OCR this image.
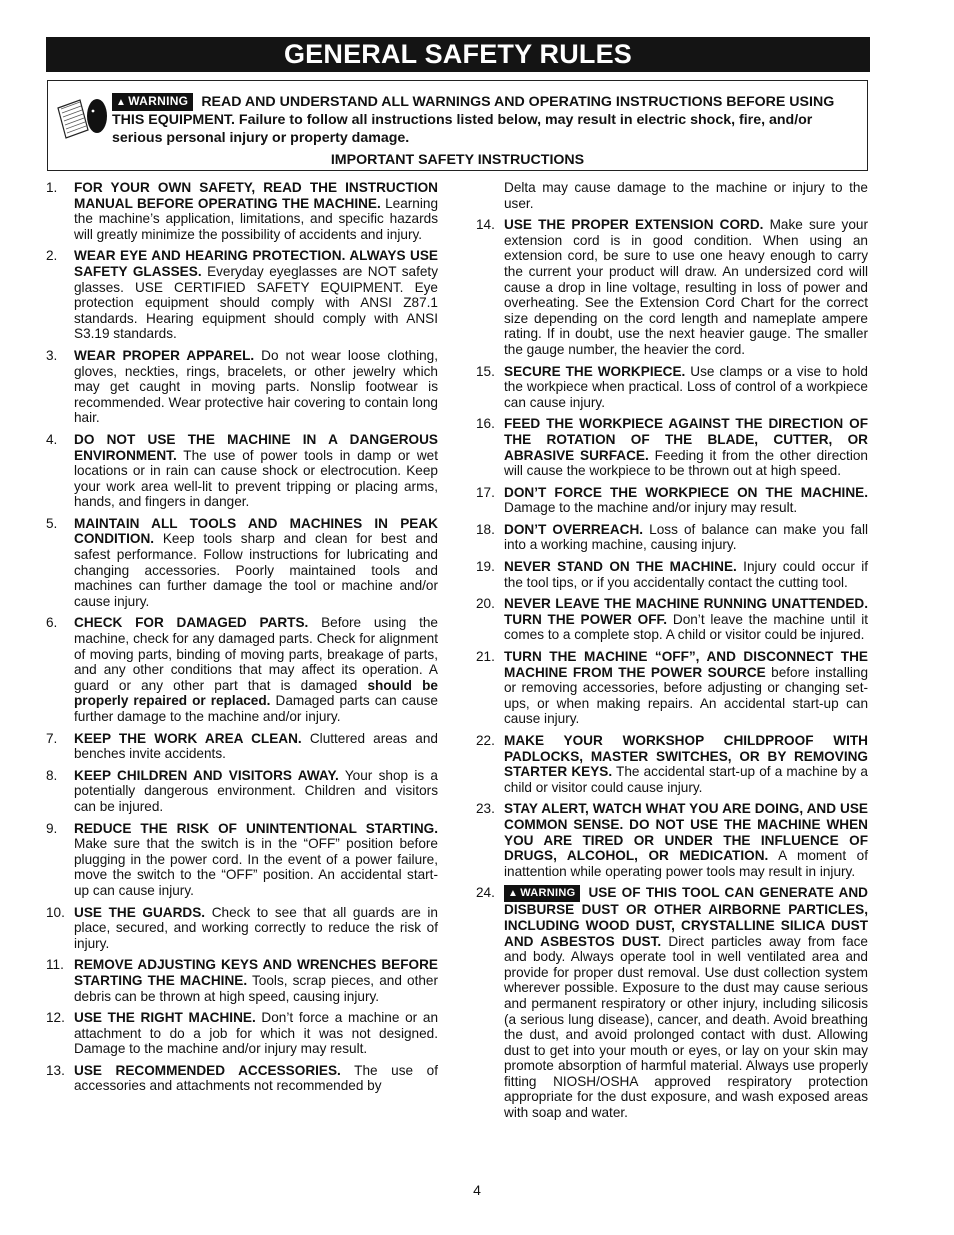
GENERAL SAFETY RULES
▲ WARNING READ AND UNDERSTAND ALL WARNINGS AND OPERATING INSTRUCTIONS BEFORE USING THIS EQUIPMENT. Failure to follow all instructions listed below, may result in electric shock, fire, and/or serious personal injury or property damage.
IMPORTANT SAFETY INSTRUCTIONS
1.	FOR YOUR OWN SAFETY, READ THE INSTRUCTION MANUAL BEFORE OPERATING THE MACHINE. Learning the machine’s application, limitations, and specific hazards will greatly minimize the possibility of accidents and injury.
2.	WEAR EYE AND HEARING PROTECTION. ALWAYS USE SAFETY GLASSES. Everyday eyeglasses are NOT safety glasses. USE CERTIFIED SAFETY EQUIPMENT. Eye protection equipment should comply with ANSI Z87.1 standards. Hearing equipment should comply with ANSI S3.19 standards.
3.	WEAR PROPER APPAREL. Do not wear loose clothing, gloves, neckties, rings, bracelets, or other jewelry which may get caught in moving parts. Nonslip footwear is recommended. Wear protective hair covering to contain long hair.
4.	DO NOT USE THE MACHINE IN A DANGEROUS ENVIRONMENT. The use of power tools in damp or wet locations or in rain can cause shock or electrocution. Keep your work area well-lit to prevent tripping or placing arms, hands, and fingers in danger.
5.	MAINTAIN ALL TOOLS AND MACHINES IN PEAK CONDITION. Keep tools sharp and clean for best and safest performance. Follow instructions for lubricating and changing accessories. Poorly maintained tools and machines can further damage the tool or machine and/or cause injury.
6.	CHECK FOR DAMAGED PARTS. Before using the machine, check for any damaged parts. Check for alignment of moving parts, binding of moving parts, breakage of parts, and any other conditions that may affect its operation. A guard or any other part that is damaged should be properly repaired or replaced. Damaged parts can cause further damage to the machine and/or injury.
7.	KEEP THE WORK AREA CLEAN. Cluttered areas and benches invite accidents.
8.	KEEP CHILDREN AND VISITORS AWAY. Your shop is a potentially dangerous environment. Children and visitors can be injured.
9.	REDUCE THE RISK OF UNINTENTIONAL STARTING. Make sure that the switch is in the “OFF” position before plugging in the power cord. In the event of a power failure, move the switch to the “OFF” position. An accidental start-up can cause injury.
10. USE THE GUARDS. Check to see that all guards are in place, secured, and working correctly to reduce the risk of injury.
11. REMOVE ADJUSTING KEYS AND WRENCHES BEFORE STARTING THE MACHINE. Tools, scrap pieces, and other debris can be thrown at high speed, causing injury.
12. USE THE RIGHT MACHINE. Don’t force a machine or an attachment to do a job for which it was not designed. Damage to the machine and/or injury may result.
13. USE RECOMMENDED ACCESSORIES. The use of accessories and attachments not recommended by
Delta may cause damage to the machine or injury to the user.
14. USE THE PROPER EXTENSION CORD. Make sure your extension cord is in good condition. When using an extension cord, be sure to use one heavy enough to carry the current your product will draw. An undersized cord will cause a drop in line voltage, resulting in loss of power and overheating. See the Extension Cord Chart for the correct size depending on the cord length and nameplate ampere rating. If in doubt, use the next heavier gauge. The smaller the gauge number, the heavier the cord.
15. SECURE THE WORKPIECE. Use clamps or a vise to hold the workpiece when practical. Loss of control of a workpiece can cause injury.
16. FEED THE WORKPIECE AGAINST THE DIRECTION OF THE ROTATION OF THE BLADE, CUTTER, OR ABRASIVE SURFACE. Feeding it from the other direction will cause the workpiece to be thrown out at high speed.
17. DON’T FORCE THE WORKPIECE ON THE MACHINE. Damage to the machine and/or injury may result.
18. DON’T OVERREACH. Loss of balance can make you fall into a working machine, causing injury.
19. NEVER STAND ON THE MACHINE. Injury could occur if the tool tips, or if you accidentally contact the cutting tool.
20. NEVER LEAVE THE MACHINE RUNNING UNATTENDED. TURN THE POWER OFF. Don’t leave the machine until it comes to a complete stop. A child or visitor could be injured.
21. TURN THE MACHINE “OFF”, AND DISCONNECT THE MACHINE FROM THE POWER SOURCE before installing or removing accessories, before adjusting or changing set-ups, or when making repairs. An accidental start-up can cause injury.
22. MAKE YOUR WORKSHOP CHILDPROOF WITH PADLOCKS, MASTER SWITCHES, OR BY REMOVING STARTER KEYS. The accidental start-up of a machine by a child or visitor could cause injury.
23. STAY ALERT, WATCH WHAT YOU ARE DOING, AND USE COMMON SENSE. DO NOT USE THE MACHINE WHEN YOU ARE TIRED OR UNDER THE INFLUENCE OF DRUGS, ALCOHOL, OR MEDICATION. A moment of inattention while operating power tools may result in injury.
24.	▲ WARNING USE OF THIS TOOL CAN GENERATE AND DISBURSE DUST OR OTHER AIRBORNE PARTICLES, INCLUDING WOOD DUST, CRYSTALLINE SILICA DUST AND ASBESTOS DUST. Direct particles away from face and body. Always operate tool in well ventilated area and provide for proper dust removal. Use dust collection system wherever possible. Exposure to the dust may cause serious and permanent respiratory or other injury, including silicosis (a serious lung disease), cancer, and death. Avoid breathing the dust, and avoid prolonged contact with dust. Allowing dust to get into your mouth or eyes, or lay on your skin may promote absorption of harmful material. Always use properly fitting NIOSH/OSHA approved respiratory protection appropriate for the dust exposure, and wash exposed areas with soap and water.
4
